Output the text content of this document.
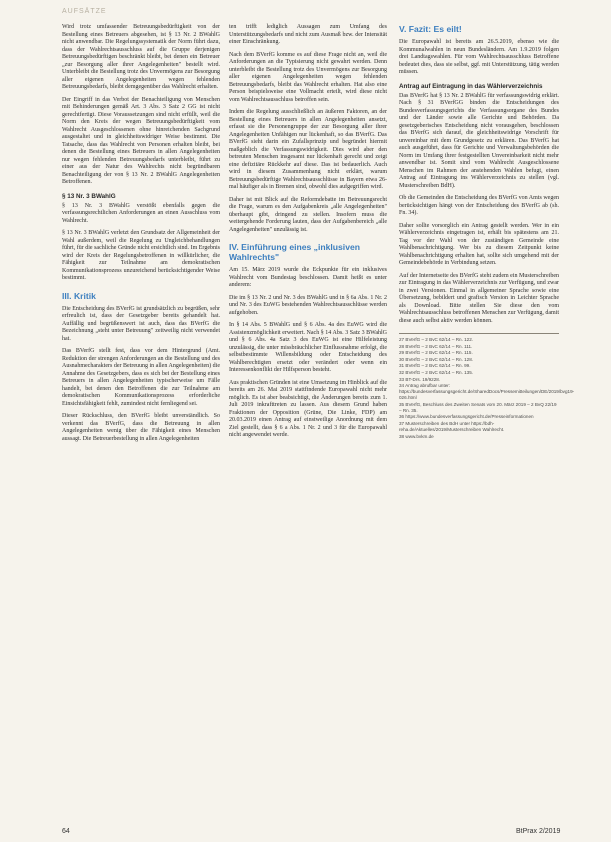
AUFSÄTZE

Wird trotz umfassender Betreuungsbedürftigkeit von der Bestellung eines Betreuers abgesehen, ist § 13 Nr. 2 BWahlG nicht anwendbar. Die Regelungssystematik der Norm führt dazu, dass der Wahlrechtsausschluss auf die Gruppe derjenigen Betreuungsbedürftigen beschränkt bleibt, bei denen ein Betreuer „zur Besorgung aller ihrer Angelegenheiten" bestellt wird. Unterbleibt die Bestellung trotz des Unvermögens zur Besorgung aller eigenen Angelegenheiten wegen fehlenden Betreuungsbedarfs, bleibt demgegenüber das Wahlrecht erhalten.

Der Eingriff in das Verbot der Benachteiligung von Menschen mit Behinderungen gemäß Art. 3 Abs. 3 Satz 2 GG ist nicht gerechtfertigt. Diese Voraussetzungen sind nicht erfüllt, weil die Norm den Kreis der wegen Betreuungsbedürftigkeit vom Wahlrecht Ausgeschlossenen ohne hinreichenden Sachgrund ausgestaltet und in gleichheitswidriger Weise bestimmt. Die Tatsache, dass das Wahlrecht von Personen erhalten bleibt, bei denen die Bestellung eines Betreuers in allen Angelegenheiten nur wegen fehlenden Betreuungsbedarfs unterbleibt, führt zu einer aus der Natur des Wahlrechts nicht begründbaren Benachteiligung der von § 13 Nr. 2 BWahlG Angelegenheiten Betroffenen.

§ 13 Nr. 3 BWahlG

§ 13 Nr. 3 BWahlG verstößt ebenfalls gegen die verfassungsrechtlichen Anforderungen an einen Ausschluss vom Wahlrecht.

§ 13 Nr. 3 BWahlG verletzt den Grundsatz der Allgemeinheit der Wahl außerdem, weil die Regelung zu Ungleichbehandlungen führt, für die sachliche Gründe nicht ersichtlich sind. Im Ergebnis wird der Kreis der Regelungsbetroffenen in willkürlicher, die Fähigkeit zur Teilnahme am demokratischen Kommunikationsprozess unzureichend berücksichtigender Weise bestimmt.

III. Kritik

Die Entscheidung des BVerfG ist grundsätzlich zu begrüßen, sehr erfreulich ist, dass der Gesetzgeber bereits gehandelt hat. Auffällig und begrüßenswert ist auch, dass das BVerfG die Bezeichnung „steht unter Betreuung" zeitweilig nicht verwendet hat.

Das BVerfG stellt fest, dass vor dem Hintergrund (Amt. Reduktion der strengen Anforderungen an die Bestellung und des Ausnahmecharakters der Betreuung in allen Angelegenheiten) die Annahme des Gesetzgebers, dass es sich bei der Bestellung eines Betreuers in allen Angelegenheiten typischerweise um Fälle handelt, bei denen den Betroffenen die zur Teilnahme am demokratischen Kommunikationsprozess erforderliche Einsichtsfähigkeit fehlt, zumindest nicht fernliegend sei.

Dieser Rückschluss, den BVerfG bleibt unverständlich. So verkennt das BVerfG, dass die Betreuung in allen Angelegenheiten wenig über die Fähigkeit eines Menschen aussagt. Die Betreuerbestellung in allen Angelegenheiten

ten trifft lediglich Aussagen zum Umfang des Unterstützungsbedarfs und nicht zum Ausmaß bzw. der Intensität einer Einschränkung.

Nach dem BVerfG komme es auf diese Frage nicht an, weil die Anforderungen an die Typisierung nicht gewahrt werden. Denn unterbleibt die Bestellung trotz des Unvermögens zur Besorgung aller eigenen Angelegenheiten wegen fehlenden Betreuungsbedarfs, bleibt das Wahlrecht erhalten. Hat also eine Person beispielsweise eine Vollmacht erteilt, wird diese nicht vom Wahlrechtsausschluss betroffen sein.

Indem die Regelung ausschließlich an äußeren Faktoren, an der Bestellung eines Betreuers in allen Angelegenheiten ansetzt, erfasst sie die Personengruppe der zur Besorgung aller ihrer Angelegenheiten Unfähigen nur lückenhaft, so das BVerfG. Das BVerfG sieht darin ein Zufallsprinzip und begründet hiermit maßgeblich die Verfassungswidrigkeit. Dies wird aber den betreuten Menschen insgesamt nur lückenhaft gerecht und zeigt eine defizitäre Rückkehr auf diese. Das ist bedauerlich. Auch wird in diesem Zusammenhang nicht erklärt, warum Betreuungsbedürftige Wahlrechtsausschlüsse in Bayern etwa 26-mal häufiger als in Bremen sind, obwohl dies aufgegriffen wird.

Daher ist mit Blick auf die Reformdebatte im Betreuungsrecht die Frage, warum es den Aufgabenkreis „alle Angelegenheiten" überhaupt gibt, dringend zu stellen. Insofern muss die weitergehende Forderung lauten, dass der Aufgabenbereich „alle Angelegenheiten" unzulässig ist.

IV. Einführung eines „inklusiven Wahlrechts"

Am 15. März 2019 wurde die Eckpunkte für ein inklusives Wahlrecht vom Bundestag beschlossen. Damit heißt es unter anderem:

Die im § 13 Nr. 2 und Nr. 3 des BWahlG und in § 6a Abs. 1 Nr. 2 und Nr. 3 des EuWG bestehenden Wahlrechtsausschlüsse werden aufgehoben.

In § 14 Abs. 5 BWahlG und § 6 Abs. 4a des EuWG wird die Assistenzmöglichkeit erweitert. Nach § 14 Abs. 3 Satz 3 BWahlG und § 6 Abs. 4a Satz 3 des EuWG ist eine Hilfeleistung unzulässig, die unter missbräuchlicher Einflussnahme erfolgt, die selbstbestimmte Willensbildung oder Entscheidung des Wahlberechtigten ersetzt oder verändert oder wenn ein Interessenkonflikt der Hilfsperson besteht.

Aus praktischen Gründen ist eine Umsetzung im Hinblick auf die bereits am 26. Mai 2019 stattfindende Europawahl nicht mehr möglich. Es ist aber beabsichtigt, die Änderungen bereits zum 1. Juli 2019 inkrafttreten zu lassen. Aus diesem Grund haben Fraktionen der Opposition (Grüne, Die Linke, FDP) am 20.03.2019 einen Antrag auf einstweilige Anordnung mit dem Ziel gestellt, dass § 6 a Abs. 1 Nr. 2 und 3 für die Europawahl nicht angewendet werde.

V. Fazit: Es eilt!

Die Europawahl ist bereits am 26.5.2019, ebenso wie die Kommunalwahlen in neun Bundesländern. Am 1.9.2019 folgen drei Landtagswahlen. Für vom Wahlrechtsausschluss Betroffene bedeutet dies, dass sie selbst, ggf. mit Unterstützung, tätig werden müssen.

Antrag auf Eintragung in das Wählerverzeichnis

Das BVerfG hat § 13 Nr. 2 BWahlG für verfassungswidrig erklärt. Nach § 31 BVerfGG binden die Entscheidungen des Bundesverfassungsgerichts die Verfassungsorgane des Bundes und der Länder sowie alle Gerichte und Behörden. Da gesetzgeberisches Entscheidung nicht vorausgehen, beschlossen das BVerfG sich darauf, die gleichheitswidrige Vorschrift für unvereinbar mit dem Grundgesetz zu erklären. Das BVerfG hat auch ausgeführt, dass für Gerichte und Verwaltungsbehörden die Norm im Umfang ihrer festgestellten Unvereinbarkeit nicht mehr anwendbar ist. Somit sind vom Wahlrecht Ausgeschlossene Menschen im Rahmen der anstehenden Wahlen befugt, einen Antrag auf Eintragung ins Wählerverzeichnis zu stellen (vgl. Musterschreiben BdH).

Ob die Gemeinden die Entscheidung des BVerfG von Amts wegen berücksichtigen hängt von der Entscheidung des BVerfG ab (sh. Fn. 34).

Daher sollte vorsorglich ein Antrag gestellt werden. Wer in ein Wählerverzeichnis eingetragen ist, erhält bis spätestens am 21. Tag vor der Wahl von der zuständigen Gemeinde eine Wahlbenachrichtigung. Wer bis zu diesem Zeitpunkt keine Wahlbenachrichtigung erhalten hat, sollte sich umgehend mit der Gemeindebehörde in Verbindung setzen.

Auf der Internetseite des BVerfG steht zudem ein Musterschreiben zur Eintragung in das Wählerverzeichnis zur Verfügung, und zwar in zwei Versionen. Einmal in allgemeiner Sprache sowie eine Übersetzung, bebildert und grafisch Version in Leichter Sprache als Download. Bitte stellen Sie diese den vom Wahlrechtsausschluss betroffenen Menschen zur Verfügung, damit diese auch selbst aktiv werden können.

27 BVerfG – 2 BvC 62/14 – Rn. 122.
28 BVerfG – 2 BvC 62/14 – Rn. 111.
29 BVerfG – 2 BvC 62/14 – Rn. 115.
30 BVerfG – 2 BvC 62/14 – Rn. 128.
31 BVerfG – 2 BvC 62/14 – Rn. 99.
32 BVerfG – 2 BvC 62/14 – Rn. 135.
33 BT-Drs. 19/9228.
34 Antrag abrufbar unter: https://bundesverfassungsgericht.de/SharedDocs/Pressemitteilungen/DE/2019/bvg19-026.html
35 BVerfG, Beschluss des Zweiten Senats vom 20. März 2019 – 2 BvQ 22/19 – Rn. 35.
36 https://www.bundesverfassungsgericht.de/Presseinformationen
37 Musterschreiben des BdH unter https://bdh-reha.de/Aktuelles/2019/Musterschreiben Wahlrecht.
38 www.bvkm.de
64	BtPrax 2/2019
